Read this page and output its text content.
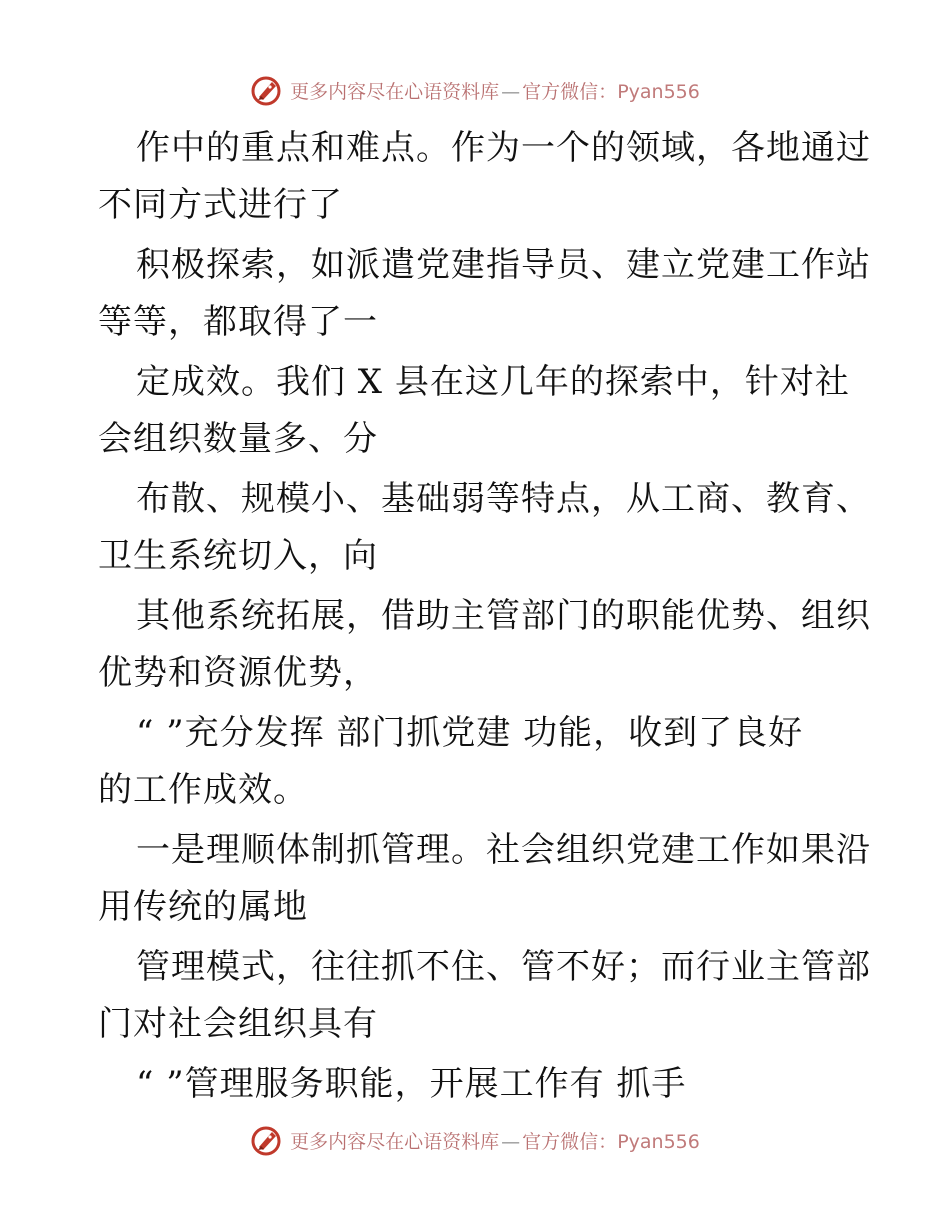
更多内容尽在心语资料库 — 官方微信：Pyan556
作中的重点和难点。作为一个的领域，各地通过
不同方式进行了
积极探索，如派遣党建指导员、建立党建工作站
等等，都取得了一
定成效。我们 X 县在这几年的探索中，针对社
会组织数量多、分
布散、规模小、基础弱等特点，从工商、教育、
卫生系统切入，向
其他系统拓展，借助主管部门的职能优势、组织
优势和资源优势，
“ ”充分发挥 部门抓党建 功能，收到了良好
的工作成效。
一是理顺体制抓管理。社会组织党建工作如果沿
用传统的属地
管理模式，往往抓不住、管不好；而行业主管部
门对社会组织具有
“ ”管理服务职能，开展工作有 抓手
更多内容尽在心语资料库 — 官方微信：Pyan556
